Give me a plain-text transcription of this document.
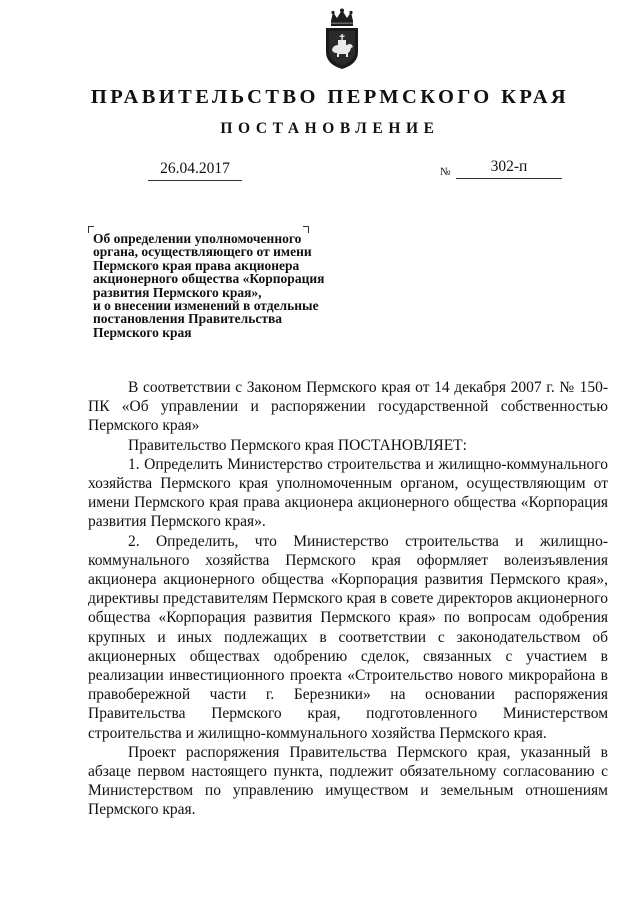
ПРАВИТЕЛЬСТВО ПЕРМСКОГО КРАЯ
ПОСТАНОВЛЕНИЕ
26.04.2017	№	302-п
Об определении уполномоченного
органа, осуществляющего от имени
Пермского края права акционера
акционерного общества «Корпорация
развития Пермского края»,
и о внесении изменений в отдельные
постановления Правительства
Пермского края

В соответствии с Законом Пермского края от 14 декабря 2007 г. № 150-ПК «Об управлении и распоряжении государственной собственностью Пермского края»

Правительство Пермского края ПОСТАНОВЛЯЕТ:

1. Определить Министерство строительства и жилищно-коммунального хозяйства Пермского края уполномоченным органом, осуществляющим от имени Пермского края права акционера акционерного общества «Корпорация развития Пермского края».

2. Определить, что Министерство строительства и жилищно-коммунального хозяйства Пермского края оформляет волеизъявления акционера акционерного общества «Корпорация развития Пермского края», директивы представителям Пермского края в совете директоров акционерного общества «Корпорация развития Пермского края» по вопросам одобрения крупных и иных подлежащих в соответствии с законодательством об акционерных обществах одобрению сделок, связанных с участием в реализации инвестиционного проекта «Строительство нового микрорайона в правобережной части г. Березники» на основании распоряжения Правительства Пермского края, подготовленного Министерством строительства и жилищно-коммунального хозяйства Пермского края.

Проект распоряжения Правительства Пермского края, указанный в абзаце первом настоящего пункта, подлежит обязательному согласованию с Министерством по управлению имуществом и земельным отношениям Пермского края.
